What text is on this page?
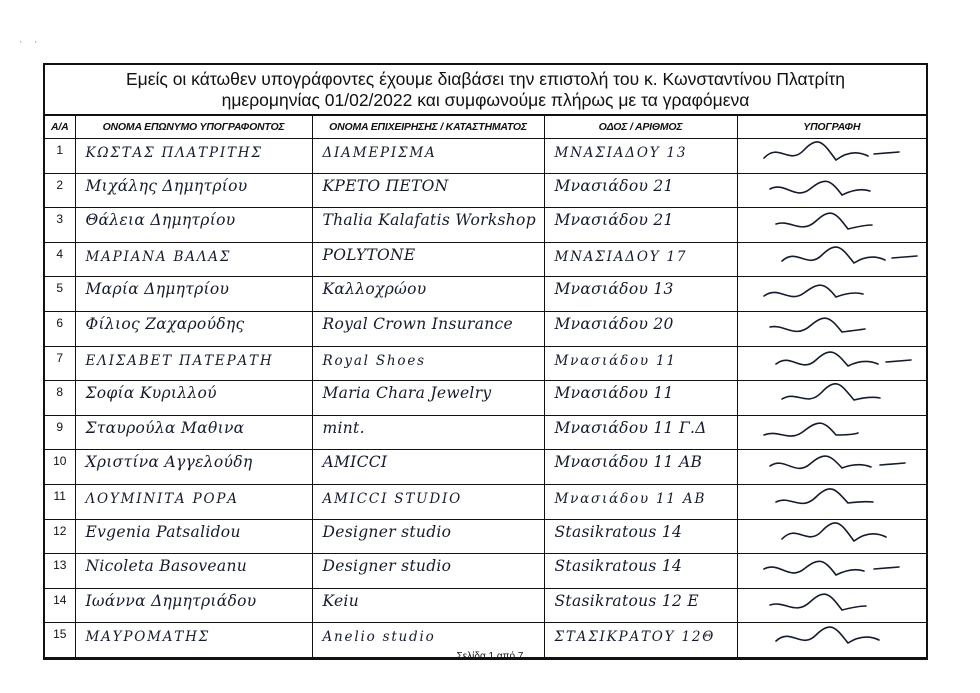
· ·
Εμείς οι κάτωθεν υπογράφοντες έχουμε διαβάσει την επιστολή του κ. Κωνσταντίνου Πλατρίτη
ημερομηνίας 01/02/2022 και συμφωνούμε πλήρως με τα γραφόμενα
Α/Α	ΟΝΟΜΑ ΕΠΩΝΥΜΟ ΥΠΟΓΡΑΦΟΝΤΟΣ	ΟΝΟΜΑ ΕΠΙΧΕΙΡΗΣΗΣ / ΚΑΤΑΣΤΗΜΑΤΟΣ	ΟΔΟΣ / ΑΡΙΘΜΟΣ	ΥΠΟΓΡΑΦΗ
1	ΚΩΣΤΑΣ ΠΛΑΤΡΙΤΗΣ	ΔΙΑΜΕΡΙΣΜΑ	ΜΝΑΣΙΑΔΟΥ 13

2	Μιχάλης Δημητρίου	ΚΡΕΤΟ ΠΕΤΟΝ	Μνασιάδου 21

3	Θάλεια Δημητρίου	Thalia Kalafatis Workshop	Μνασιάδου 21

4	ΜΑΡΙΑΝΑ ΒΑΛΑΣ	POLYTONE	ΜΝΑΣΙΑΔΟΥ 17

5	Μαρία Δημητρίου	Καλλοχρώου	Μνασιάδου 13

6	Φίλιος Ζαχαρούδης	Royal Crown Insurance	Μνασιάδου 20

7	ΕΛΙΣΑΒΕΤ ΠΑΤΕΡΑΤΗ	Royal Shoes	Μνασιάδου 11

8	Σοφία Κυριλλού	Maria Chara Jewelry	Μνασιάδου 11

9	Σταυρούλα Μαθινα	mint.	Μνασιάδου 11 Γ.Δ

10	Χριστίνα Αγγελούδη	AMICCI	Μνασιάδου 11 ΑΒ

11	ΛΟΥΜΙΝΙΤΑ ΡΟΡΑ	AMICCI STUDIO	Μνασιάδου 11 ΑΒ

12	Evgenia Patsalidou	Designer studio	Stasikratous 14

13	Nicoleta Basoveanu	Designer studio	Stasikratous 14

14	Ιωάννα Δημητριάδου	Keiu	Stasikratous 12 Ε

15	ΜΑΥΡΟΜΑΤΗΣ	Anelio studio	ΣΤΑΣΙΚΡΑΤΟΥ 12Θ

Σελίδα 1 από 7
